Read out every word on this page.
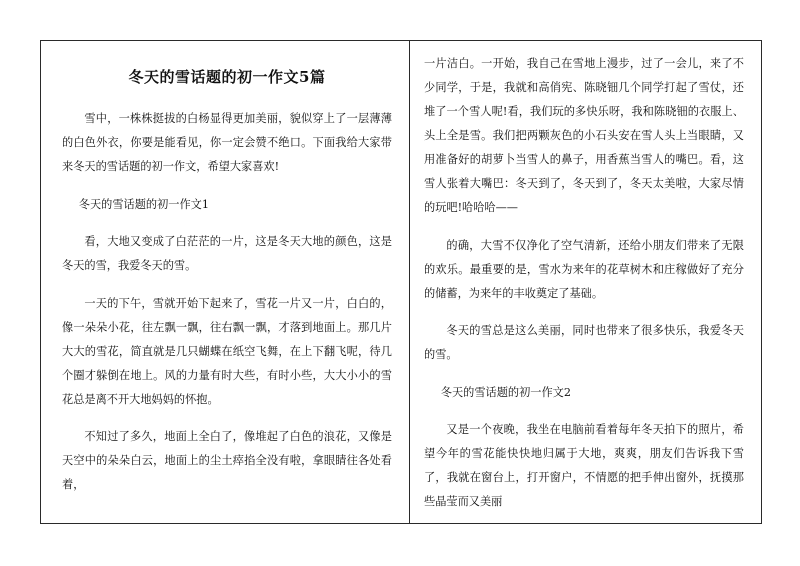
冬天的雪话题的初一作文5篇

雪中，一株株挺拔的白杨显得更加美丽，貌似穿上了一层薄薄的白色外衣，你要是能看见，你一定会赞不绝口。下面我给大家带来冬天的雪话题的初一作文，希望大家喜欢!

冬天的雪话题的初一作文1

看，大地又变成了白茫茫的一片，这是冬天大地的颜色，这是冬天的雪，我爱冬天的雪。

一天的下午，雪就开始下起来了，雪花一片又一片，白白的，像一朵朵小花，往左飘一飘，往右飘一飘，才落到地面上。那几片大大的雪花，简直就是几只蝴蝶在纸空飞舞，在上下翻飞呢，待几个圈才躲倒在地上。风的力量有时大些，有时小些，大大小小的雪花总是离不开大地妈妈的怀抱。

不知过了多久，地面上全白了，像堆起了白色的浪花，又像是天空中的朵朵白云，地面上的尘土瘁掐全没有啦，拿眼睛往各处看着，

一片洁白。一开始，我自己在雪地上漫步，过了一会儿，来了不少同学，于是，我就和高俏宪、陈晓钿几个同学打起了雪仗，还堆了一个雪人呢!看，我们玩的多快乐呀，我和陈晓钿的衣服上、头上全是雪。我们把两颗灰色的小石头安在雪人头上当眼睛，又用准备好的胡萝卜当雪人的鼻子，用香蕉当雪人的嘴巴。看，这雪人张着大嘴巴：冬天到了，冬天到了，冬天太美啦，大家尽情的玩吧!哈哈哈——

的确，大雪不仅净化了空气清新，还给小朋友们带来了无限的欢乐。最重要的是，雪水为来年的花草树木和庄稼做好了充分的储蓄，为来年的丰收奠定了基础。

冬天的雪总是这么美丽，同时也带来了很多快乐，我爱冬天的雪。

冬天的雪话题的初一作文2

又是一个夜晚，我坐在电脑前看着每年冬天拍下的照片，希望今年的雪花能快快地归属于大地，爽爽，朋友们告诉我下雪了，我就在窗台上，打开窗户，不情愿的把手伸出窗外，抚摸那些晶莹而又美丽
